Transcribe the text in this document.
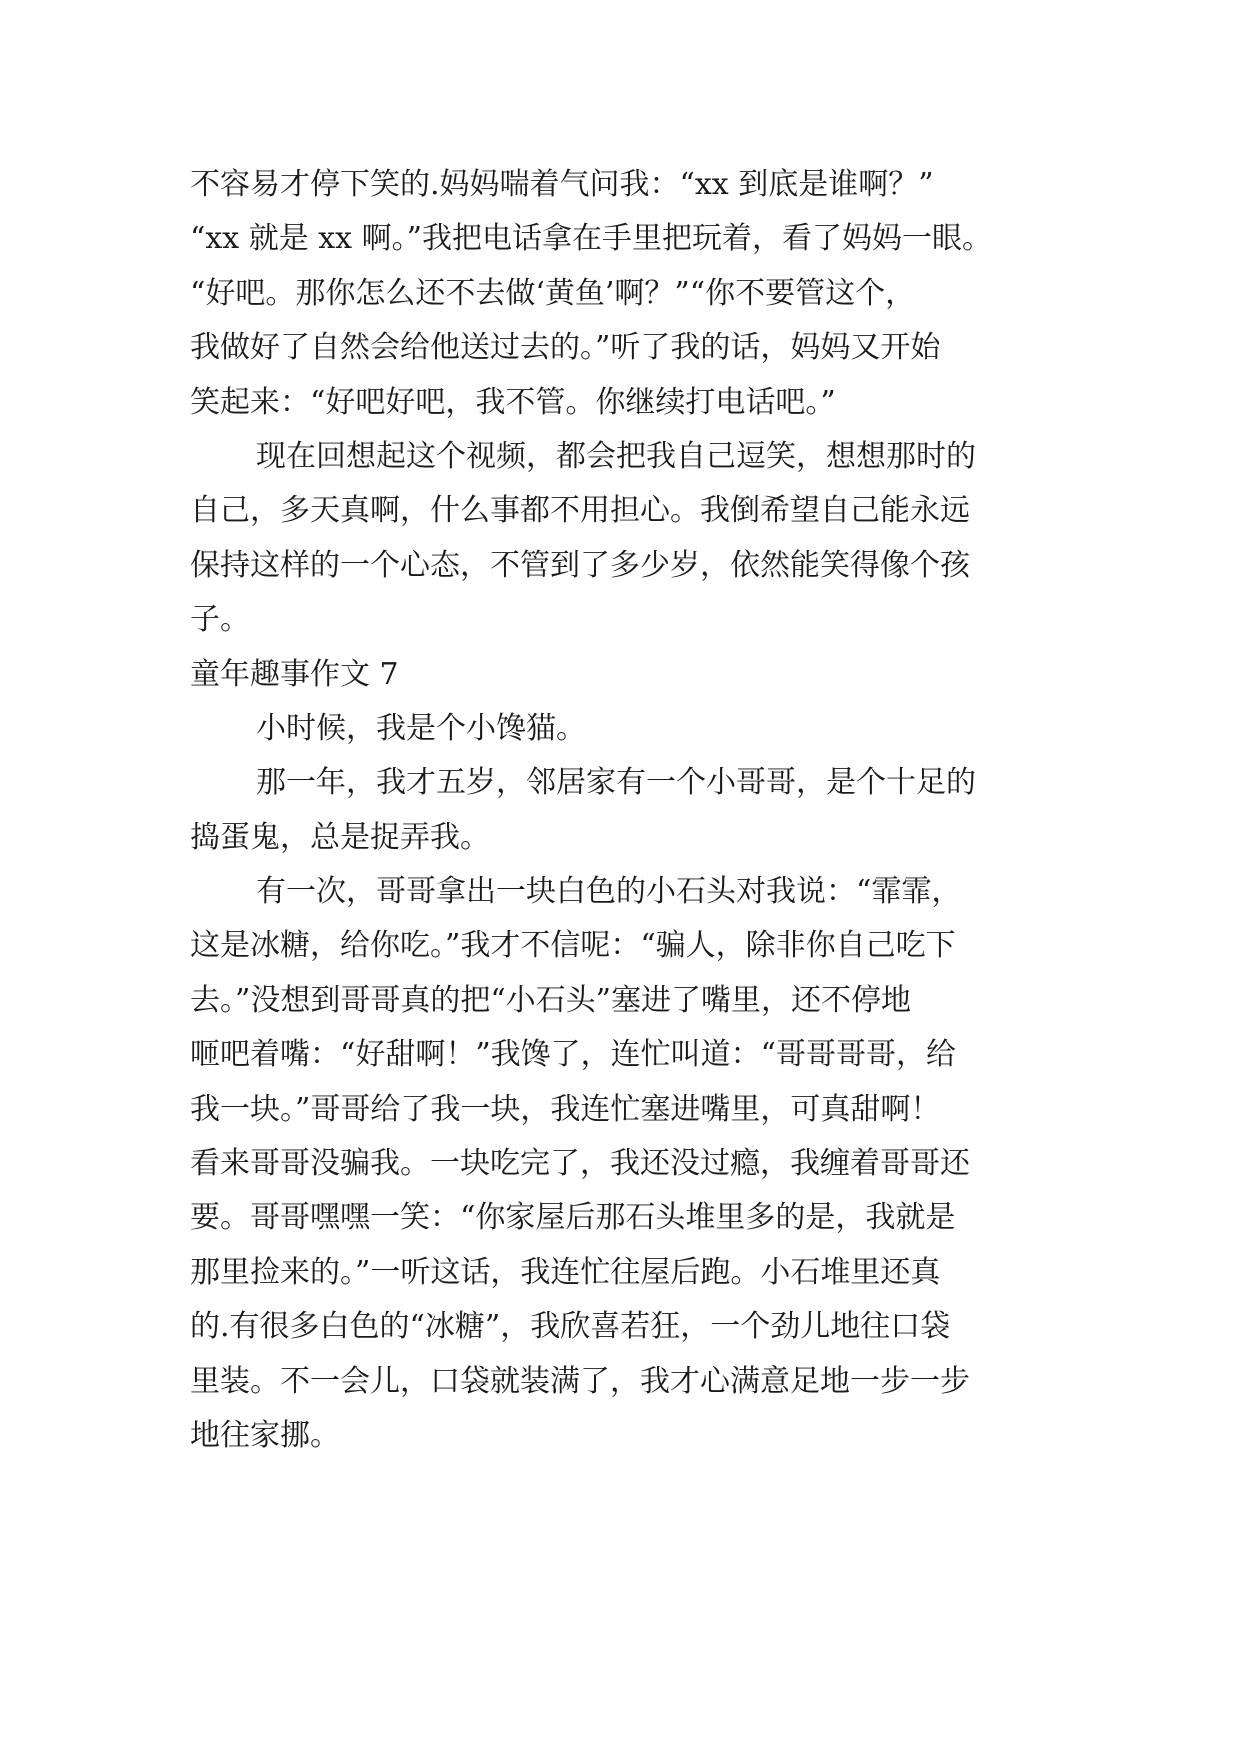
不容易才停下笑的.妈妈喘着气问我：“xx 到底是谁啊？”
“xx 就是 xx 啊。”我把电话拿在手里把玩着，看了妈妈一眼。
“好吧。那你怎么还不去做‘黄鱼’啊？”“你不要管这个，
我做好了自然会给他送过去的。”听了我的话，妈妈又开始
笑起来：“好吧好吧，我不管。你继续打电话吧。”
现在回想起这个视频，都会把我自己逗笑，想想那时的
自己，多天真啊，什么事都不用担心。我倒希望自己能永远
保持这样的一个心态，不管到了多少岁，依然能笑得像个孩
子。
童年趣事作文 7
小时候，我是个小馋猫。
那一年，我才五岁，邻居家有一个小哥哥，是个十足的
捣蛋鬼，总是捉弄我。
有一次，哥哥拿出一块白色的小石头对我说：“霏霏，
这是冰糖，给你吃。”我才不信呢：“骗人，除非你自己吃下
去。”没想到哥哥真的把“小石头”塞进了嘴里，还不停地
咂吧着嘴：“好甜啊！”我馋了，连忙叫道：“哥哥哥哥，给
我一块。”哥哥给了我一块，我连忙塞进嘴里，可真甜啊！
看来哥哥没骗我。一块吃完了，我还没过瘾，我缠着哥哥还
要。哥哥嘿嘿一笑：“你家屋后那石头堆里多的是，我就是
那里捡来的。”一听这话，我连忙往屋后跑。小石堆里还真
的.有很多白色的“冰糖”，我欣喜若狂，一个劲儿地往口袋
里装。不一会儿，口袋就装满了，我才心满意足地一步一步
地往家挪。
